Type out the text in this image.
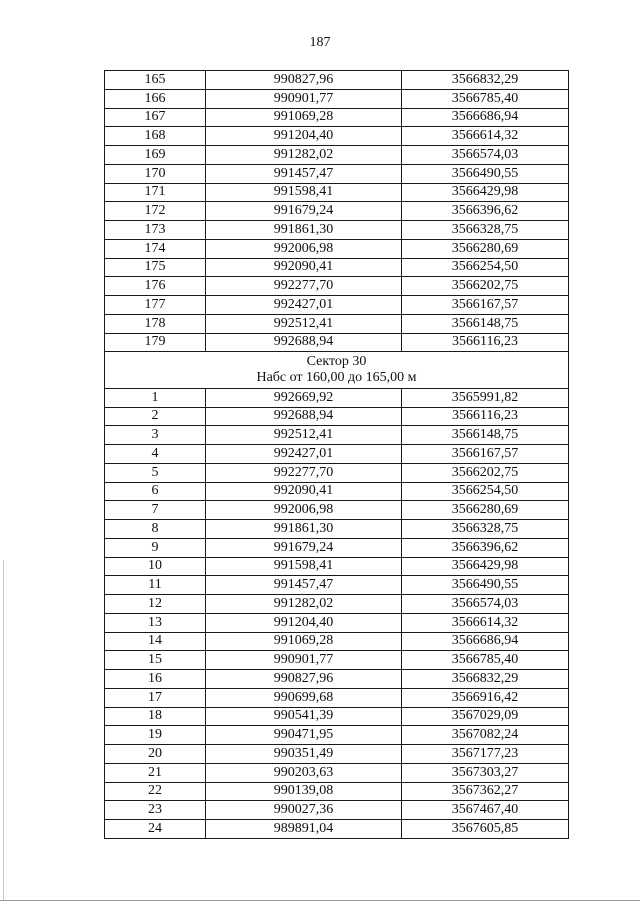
187
165	990827,96	3566832,29
166	990901,77	3566785,40
167	991069,28	3566686,94
168	991204,40	3566614,32
169	991282,02	3566574,03
170	991457,47	3566490,55
171	991598,41	3566429,98
172	991679,24	3566396,62
173	991861,30	3566328,75
174	992006,98	3566280,69
175	992090,41	3566254,50
176	992277,70	3566202,75
177	992427,01	3566167,57
178	992512,41	3566148,75
179	992688,94	3566116,23

Сектор 30
Набс от 160,00 до 165,00 м		

1	992669,92	3565991,82
2	992688,94	3566116,23
3	992512,41	3566148,75
4	992427,01	3566167,57
5	992277,70	3566202,75
6	992090,41	3566254,50
7	992006,98	3566280,69
8	991861,30	3566328,75
9	991679,24	3566396,62
10	991598,41	3566429,98
11	991457,47	3566490,55
12	991282,02	3566574,03
13	991204,40	3566614,32
14	991069,28	3566686,94
15	990901,77	3566785,40
16	990827,96	3566832,29
17	990699,68	3566916,42
18	990541,39	3567029,09
19	990471,95	3567082,24
20	990351,49	3567177,23
21	990203,63	3567303,27
22	990139,08	3567362,27
23	990027,36	3567467,40
24	989891,04	3567605,85
